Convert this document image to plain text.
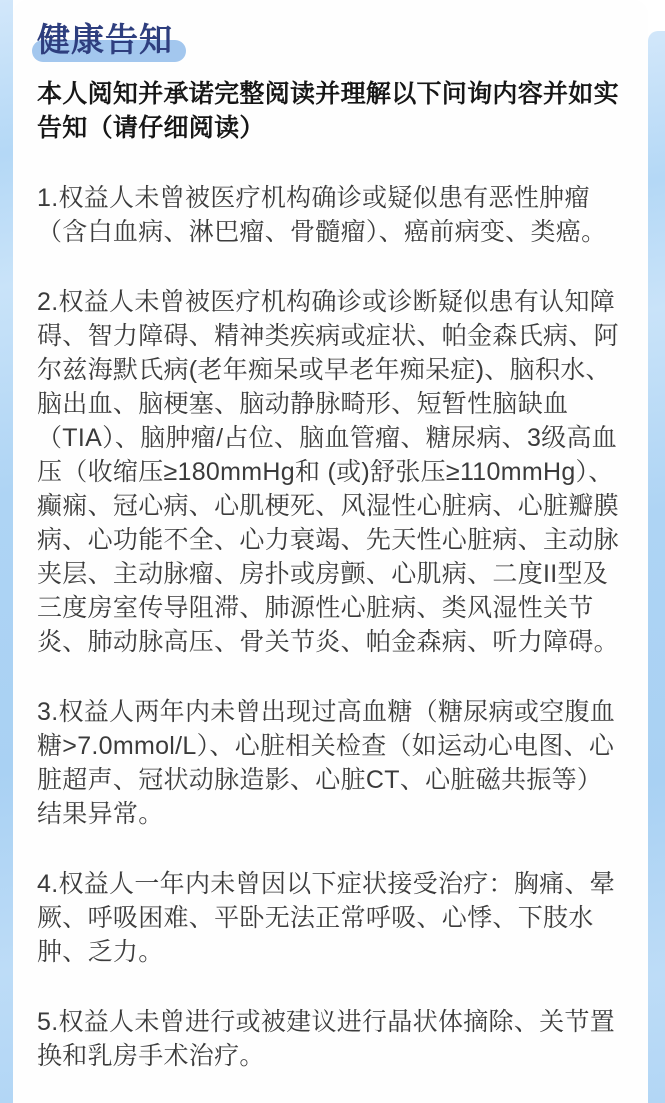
健康告知

本人阅知并承诺完整阅读并理解以下问询内容并如实告知（请仔细阅读）

1.权益人未曾被医疗机构确诊或疑似患有恶性肿瘤（含白血病、淋巴瘤、骨髓瘤）、癌前病变、类癌。

2.权益人未曾被医疗机构确诊或诊断疑似患有认知障碍、智力障碍、精神类疾病或症状、帕金森氏病、阿尔兹海默氏病(老年痴呆或早老年痴呆症)、脑积水、脑出血、脑梗塞、脑动静脉畸形、短暂性脑缺血（TIA）、脑肿瘤/占位、脑血管瘤、糖尿病、3级高血压（收缩压≥180mmHg和 (或)舒张压≥110mmHg）、癫痫、冠心病、心肌梗死、风湿性心脏病、心脏瓣膜病、心功能不全、心力衰竭、先天性心脏病、主动脉夹层、主动脉瘤、房扑或房颤、心肌病、二度II型及三度房室传导阻滞、肺源性心脏病、类风湿性关节炎、肺动脉高压、骨关节炎、帕金森病、听力障碍。

3.权益人两年内未曾出现过高血糖（糖尿病或空腹血糖>7.0mmol/L）、心脏相关检查（如运动心电图、心脏超声、冠状动脉造影、心脏CT、心脏磁共振等）结果异常。

4.权益人一年内未曾因以下症状接受治疗：胸痛、晕厥、呼吸困难、平卧无法正常呼吸、心悸、下肢水肿、乏力。

5.权益人未曾进行或被建议进行晶状体摘除、关节置换和乳房手术治疗。
